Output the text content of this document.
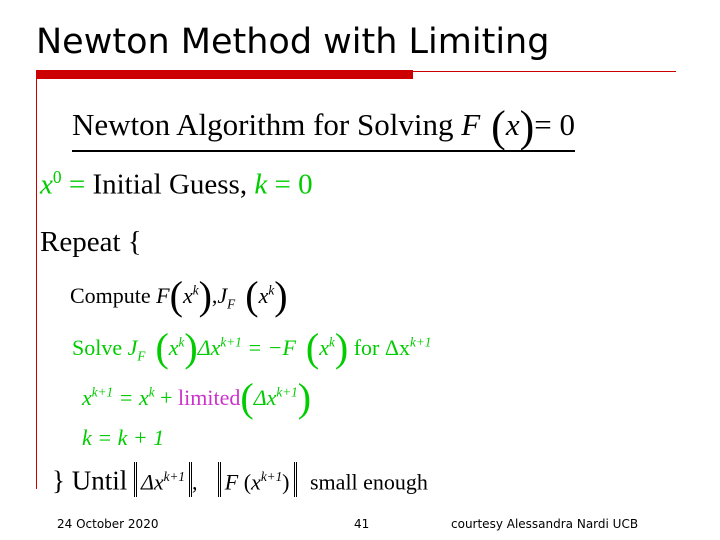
Newton Method with Limiting
Newton Algorithm for Solving F (x)= 0
$x^0$ = Initial Guess, k = 0
Repeat {
Compute $F(x^k),J_F$ $(x^k)$
Solve $J_F$ $(x^k)\Delta x^{k+1} = -F$ $(x^k)$ for $\Delta x^{k+1}$
$x^{k+1} = x^k$ + $limited(\Delta x^{k+1})$
k = k + 1
} Until $\Delta x^{k+1}$ , F $(x^{k+1})$ small enough
24 October 2020	41	courtesy Alessandra Nardi UCB
